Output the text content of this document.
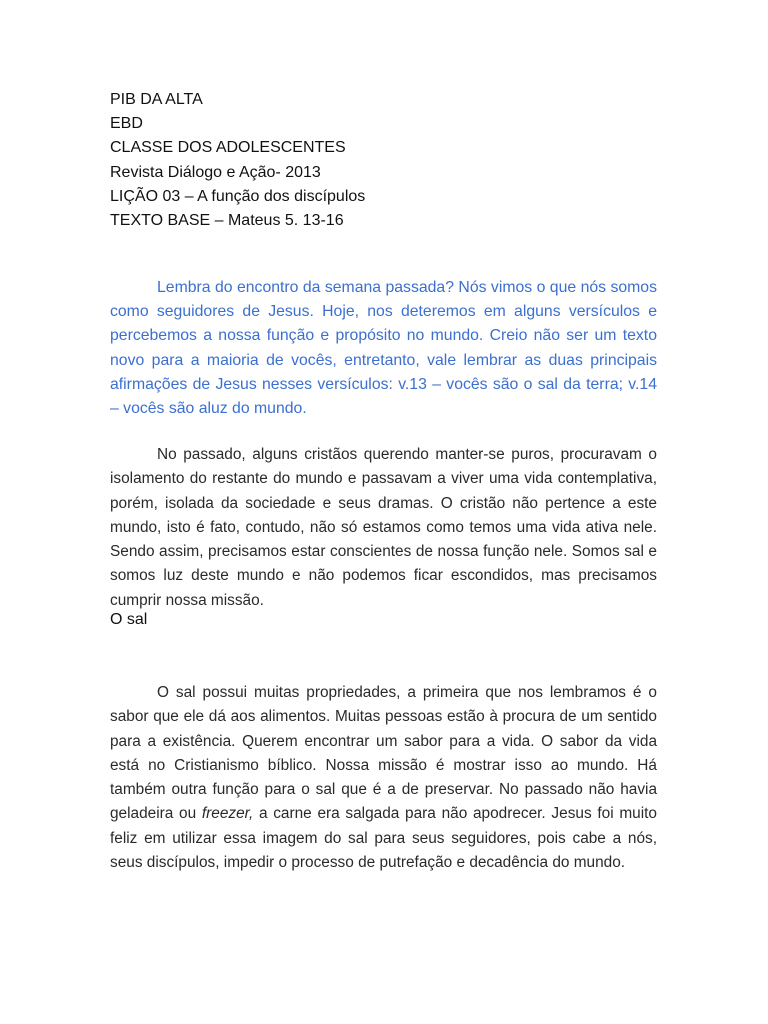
PIB DA ALTA
EBD
CLASSE DOS ADOLESCENTES
Revista Diálogo e Ação- 2013
LIÇÃO 03 – A função dos discípulos
TEXTO BASE – Mateus 5. 13-16

Lembra do encontro da semana passada? Nós vimos o que nós somos como seguidores de Jesus. Hoje, nos deteremos em alguns versículos e percebemos a nossa função e propósito no mundo. Creio não ser um texto novo para a maioria de vocês, entretanto, vale lembrar as duas principais afirmações de Jesus nesses versículos: v.13 – vocês são o sal da terra; v.14 – vocês são aluz do mundo.

No passado, alguns cristãos querendo manter-se puros, procuravam o isolamento do restante do mundo e passavam a viver uma vida contemplativa, porém, isolada da sociedade e seus dramas. O cristão não pertence a este mundo, isto é fato, contudo, não só estamos como temos uma vida ativa nele. Sendo assim, precisamos estar conscientes de nossa função nele. Somos sal e somos luz deste mundo e não podemos ficar escondidos, mas precisamos cumprir nossa missão.

O sal

O sal possui muitas propriedades, a primeira que nos lembramos é o sabor que ele dá aos alimentos. Muitas pessoas estão à procura de um sentido para a existência. Querem encontrar um sabor para a vida. O sabor da vida está no Cristianismo bíblico. Nossa missão é mostrar isso ao mundo. Há também outra função para o sal que é a de preservar. No passado não havia geladeira ou freezer, a carne era salgada para não apodrecer. Jesus foi muito feliz em utilizar essa imagem do sal para seus seguidores, pois cabe a nós, seus discípulos, impedir o processo de putrefação e decadência do mundo.
